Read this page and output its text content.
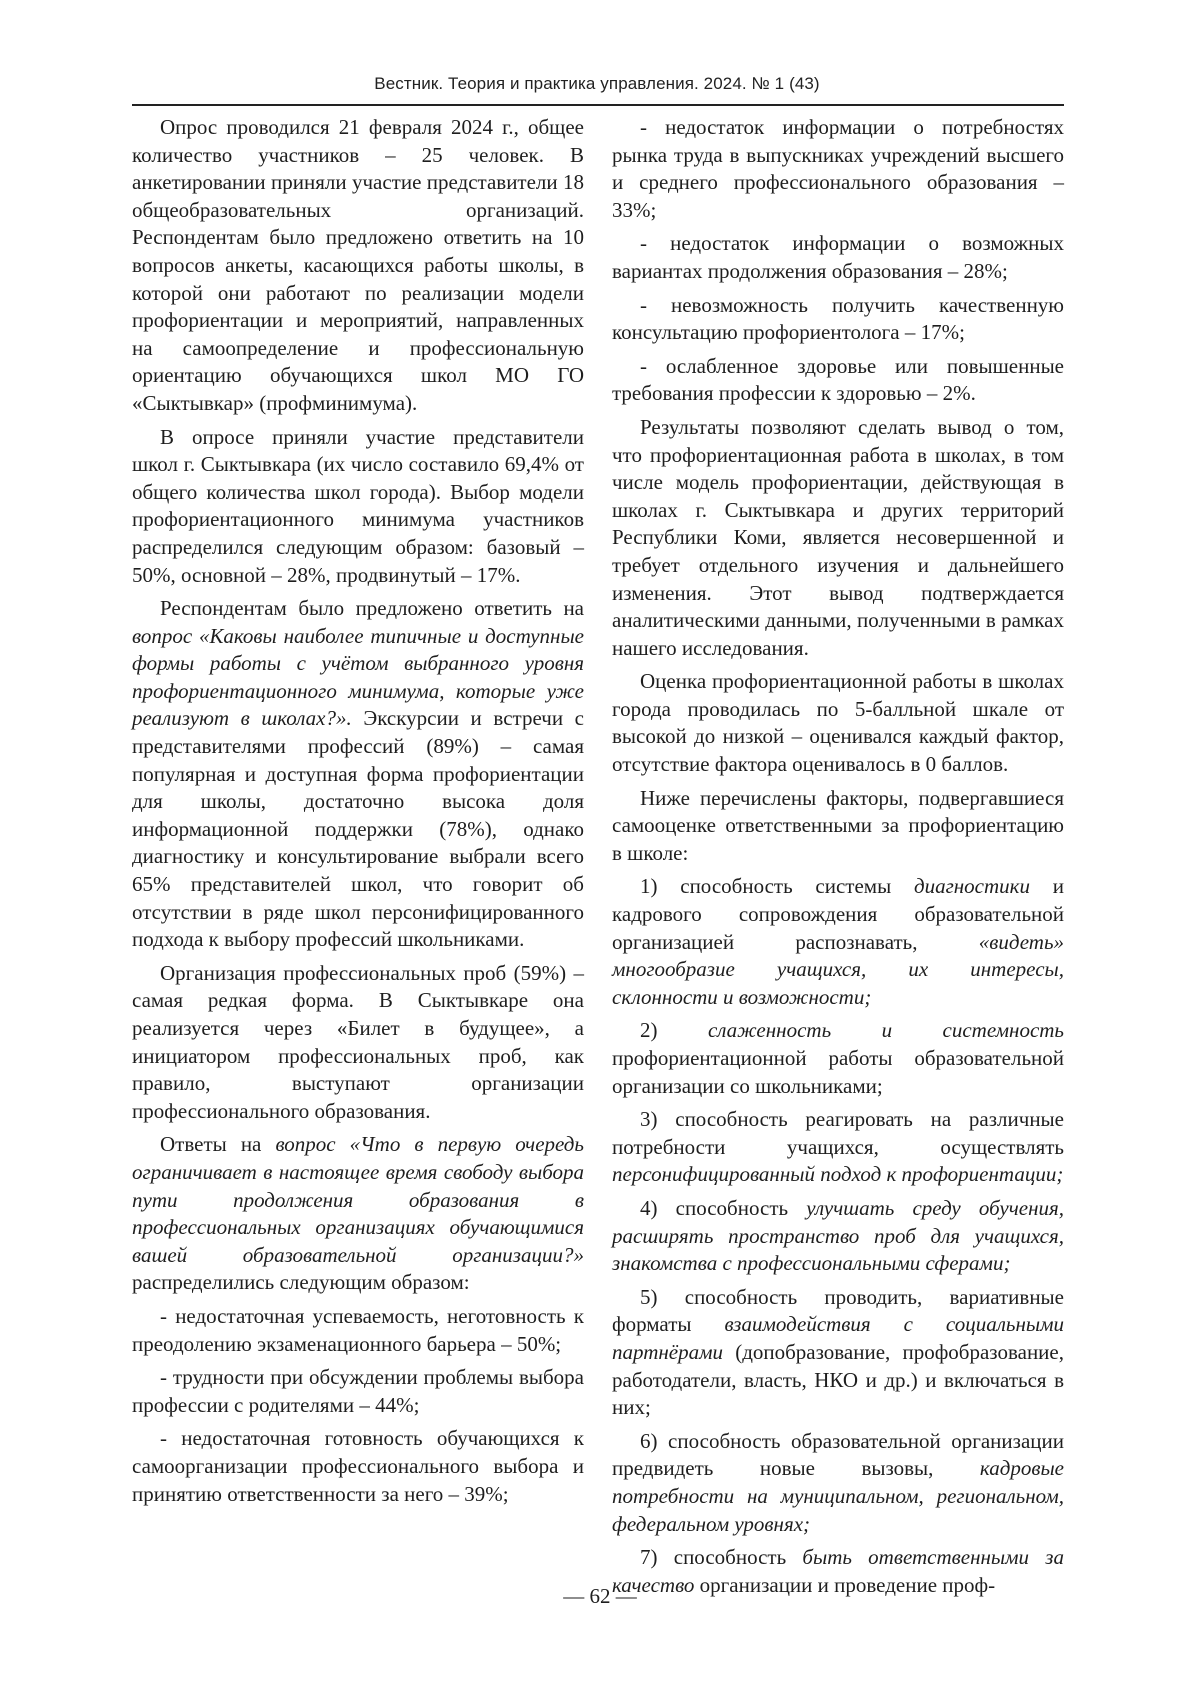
Вестник. Теория и практика управления. 2024. № 1 (43)

Опрос проводился 21 февраля 2024 г., общее количество участников – 25 человек. В анкетировании приняли участие представители 18 общеобразовательных организаций. Респондентам было предложено ответить на 10 вопросов анкеты, касающихся работы школы, в которой они работают по реализации модели профориентации и мероприятий, направленных на самоопределение и профессиональную ориентацию обучающихся школ МО ГО «Сыктывкар» (профминимума).

В опросе приняли участие представители школ г. Сыктывкара (их число составило 69,4% от общего количества школ города). Выбор модели профориентационного минимума участников распределился следующим образом: базовый – 50%, основной – 28%, продвинутый – 17%.

Респондентам было предложено ответить на вопрос «Каковы наиболее типичные и доступные формы работы с учётом выбранного уровня профориентационного минимума, которые уже реализуют в школах?». Экскурсии и встречи с представителями профессий (89%) – самая популярная и доступная форма профориентации для школы, достаточно высока доля информационной поддержки (78%), однако диагностику и консультирование выбрали всего 65% представителей школ, что говорит об отсутствии в ряде школ персонифицированного подхода к выбору профессий школьниками.

Организация профессиональных проб (59%) – самая редкая форма. В Сыктывкаре она реализуется через «Билет в будущее», а инициатором профессиональных проб, как правило, выступают организации профессионального образования.

Ответы на вопрос «Что в первую очередь ограничивает в настоящее время свободу выбора пути продолжения образования в профессиональных организациях обучающимися вашей образовательной организации?» распределились следующим образом:

- недостаточная успеваемость, неготовность к преодолению экзаменационного барьера – 50%;

- трудности при обсуждении проблемы выбора профессии с родителями – 44%;

- недостаточная готовность обучающихся к самоорганизации профессионального выбора и принятию ответственности за него – 39%;

- недостаток информации о потребностях рынка труда в выпускниках учреждений высшего и среднего профессионального образования – 33%;

- недостаток информации о возможных вариантах продолжения образования – 28%;

- невозможность получить качественную консультацию профориентолога – 17%;

- ослабленное здоровье или повышенные требования профессии к здоровью – 2%.

Результаты позволяют сделать вывод о том, что профориентационная работа в школах, в том числе модель профориентации, действующая в школах г. Сыктывкара и других территорий Республики Коми, является несовершенной и требует отдельного изучения и дальнейшего изменения. Этот вывод подтверждается аналитическими данными, полученными в рамках нашего исследования.

Оценка профориентационной работы в школах города проводилась по 5-балльной шкале от высокой до низкой – оценивался каждый фактор, отсутствие фактора оценивалось в 0 баллов.

Ниже перечислены факторы, подвергавшиеся самооценке ответственными за профориентацию в школе:

1) способность системы диагностики и кадрового сопровождения образовательной организацией распознавать, «видеть» многообразие учащихся, их интересы, склонности и возможности;

2) слаженность и системность профориентационной работы образовательной организации со школьниками;

3) способность реагировать на различные потребности учащихся, осуществлять персонифицированный подход к профориентации;

4) способность улучшать среду обучения, расширять пространство проб для учащихся, знакомства с профессиональными сферами;

5) способность проводить, вариативные форматы взаимодействия с социальными партнёрами (допобразование, профобразование, работодатели, власть, НКО и др.) и включаться в них;

6) способность образовательной организации предвидеть новые вызовы, кадровые потребности на муниципальном, региональном, федеральном уровнях;

7) способность быть ответственными за качество организации и проведение проф-

— 62 —
